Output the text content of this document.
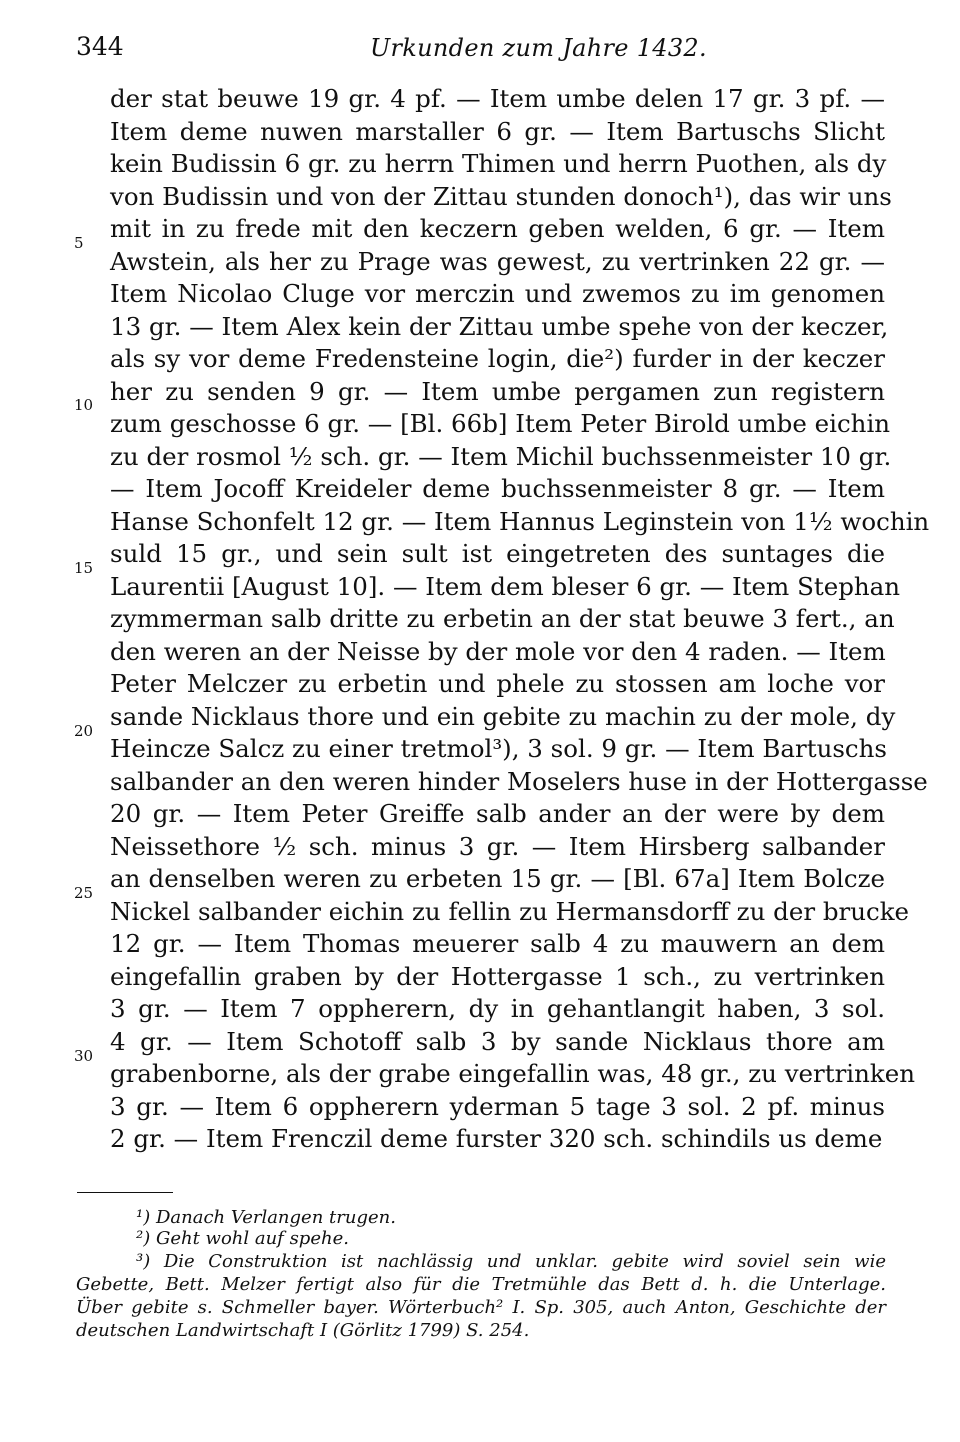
344	Urkunden zum Jahre 1432.
der stat beuwe 19 gr. 4 pf. — Item umbe delen 17 gr. 3 pf. —
Item deme nuwen marstaller 6 gr. — Item Bartuschs Slicht
kein Budissin 6 gr. zu herrn Thimen und herrn Puothen, als dy
von Budissin und von der Zittau stunden donoch¹), das wir uns
mit in zu frede mit den keczern geben welden, 6 gr. — Item
Awstein, als her zu Prage was gewest, zu vertrinken 22 gr. —
Item Nicolao Cluge vor merczin und zwemos zu im genomen
13 gr. — Item Alex kein der Zittau umbe spehe von der keczer,
als sy vor deme Fredensteine login, die²) furder in der keczer
her zu senden 9 gr. — Item umbe pergamen zun registern
zum geschosse 6 gr. — [Bl. 66b] Item Peter Birold umbe eichin
zu der rosmol ½ sch. gr. — Item Michil buchssenmeister 10 gr.
— Item Jocoff Kreideler deme buchssenmeister 8 gr. — Item
Hanse Schonfelt 12 gr. — Item Hannus Leginstein von 1½ wochin
suld 15 gr., und sein sult ist eingetreten des suntages die
Laurentii [August 10]. — Item dem bleser 6 gr. — Item Stephan
zymmerman salb dritte zu erbetin an der stat beuwe 3 fert., an
den weren an der Neisse by der mole vor den 4 raden. — Item
Peter Melczer zu erbetin und phele zu stossen am loche vor
sande Nicklaus thore und ein gebite zu machin zu der mole, dy
Heincze Salcz zu einer tretmol³), 3 sol. 9 gr. — Item Bartuschs
salbander an den weren hinder Moselers huse in der Hottergasse
20 gr. — Item Peter Greiffe salb ander an der were by dem
Neissethore ½ sch. minus 3 gr. — Item Hirsberg salbander
an denselben weren zu erbeten 15 gr. — [Bl. 67a] Item Bolcze
Nickel salbander eichin zu fellin zu Hermansdorff zu der brucke
12 gr. — Item Thomas meuerer salb 4 zu mauwern an dem
eingefallin graben by der Hottergasse 1 sch., zu vertrinken
3 gr. — Item 7 oppherern, dy in gehantlangit haben, 3 sol.
4 gr. — Item Schotoff salb 3 by sande Nicklaus thore am
grabenborne, als der grabe eingefallin was, 48 gr., zu vertrinken
3 gr. — Item 6 oppherern yderman 5 tage 3 sol. 2 pf. minus
2 gr. — Item Frenczil deme furster 320 sch. schindils us deme
5
10
15
20
25
30
¹) Danach Verlangen trugen.
²) Geht wohl auf spehe.
³) Die Construktion ist nachlässig und unklar. gebite wird soviel sein wie
Gebette, Bett. Melzer fertigt also für die Tretmühle das Bett d. h. die Unterlage.
Über gebite s. Schmeller bayer. Wörterbuch² I. Sp. 305, auch Anton, Geschichte der
deutschen Landwirtschaft I (Görlitz 1799) S. 254.
